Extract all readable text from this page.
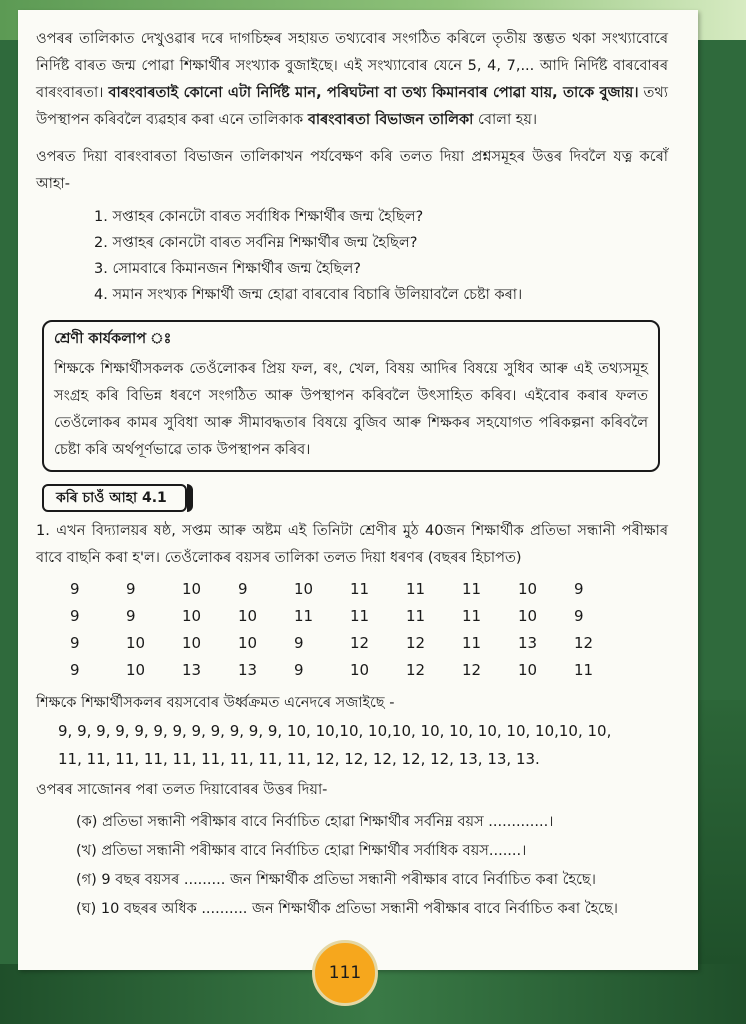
ওপৰৰ তালিকাত দেখুওৱাৰ দৰে দাগচিহ্নৰ সহায়ত তথ্যবোৰ সংগঠিত কৰিলে তৃতীয় স্তম্ভত থকা সংখ্যাবোৰে নিৰ্দিষ্ট বাৰত জন্ম পোৱা শিক্ষাৰ্থীৰ সংখ্যাক বুজাইছে। এই সংখ্যাবোৰ যেনে 5, 4, 7,... আদি নিৰ্দিষ্ট বাৰবোৰৰ বাৰংবাৰতা। বাৰংবাৰতাই কোনো এটা নিৰ্দিষ্ট মান, পৰিঘটনা বা তথ্য কিমানবাৰ পোৱা যায়, তাকে বুজায়। তথ্য উপস্থাপন কৰিবলৈ ব্যৱহাৰ কৰা এনে তালিকাক বাৰংবাৰতা বিভাজন তালিকা বোলা হয়।

ওপৰত দিয়া বাৰংবাৰতা বিভাজন তালিকাখন পৰ্যবেক্ষণ কৰি তলত দিয়া প্ৰশ্নসমূহৰ উত্তৰ দিবলৈ যত্ন কৰোঁ আহা-

1. সপ্তাহৰ কোনটো বাৰত সৰ্বাধিক শিক্ষাৰ্থীৰ জন্ম হৈছিল?
2. সপ্তাহৰ কোনটো বাৰত সৰ্বনিম্ন শিক্ষাৰ্থীৰ জন্ম হৈছিল?
3. সোমবাৰে কিমানজন শিক্ষাৰ্থীৰ জন্ম হৈছিল?
4. সমান সংখ্যক শিক্ষাৰ্থী জন্ম হোৱা বাৰবোৰ বিচাৰি উলিয়াবলৈ চেষ্টা কৰা।
শ্ৰেণী কাৰ্যকলাপ ঃ
শিক্ষকে শিক্ষাৰ্থীসকলক তেওঁলোকৰ প্ৰিয় ফল, ৰং, খেল, বিষয় আদিৰ বিষয়ে সুধিব আৰু এই তথ্যসমূহ সংগ্ৰহ কৰি বিভিন্ন ধৰণে সংগঠিত আৰু উপস্থাপন কৰিবলৈ উৎসাহিত কৰিব। এইবোৰ কৰাৰ ফলত তেওঁলোকৰ কামৰ সুবিধা আৰু সীমাবদ্ধতাৰ বিষয়ে বুজিব আৰু শিক্ষকৰ সহযোগত পৰিকল্পনা কৰিবলৈ চেষ্টা কৰি অৰ্থপূৰ্ণভাৱে তাক উপস্থাপন কৰিব।
কৰি চাওঁ আহা 4.1

1. এখন বিদ্যালয়ৰ ষষ্ঠ, সপ্তম আৰু অষ্টম এই তিনিটা শ্ৰেণীৰ মুঠ 40জন শিক্ষাৰ্থীক প্ৰতিভা সন্ধানী পৰীক্ষাৰ বাবে বাছনি কৰা হ'ল। তেওঁলোকৰ বয়সৰ তালিকা তলত দিয়া ধৰণৰ (বছৰৰ হিচাপত)

9	9	10	9	10	11	11	11	10	9
9	9	10	10	11	11	11	11	10	9
9	10	10	10	9	12	12	11	13	12
9	10	13	13	9	10	12	12	10	11

শিক্ষকে শিক্ষাৰ্থীসকলৰ বয়সবোৰ উৰ্ধ্বক্ৰমত এনেদৰে সজাইছে -

9, 9, 9, 9, 9, 9, 9, 9, 9, 9, 9, 9, 10, 10,10, 10,10, 10, 10, 10, 10, 10,10, 10,
11, 11, 11, 11, 11, 11, 11, 11, 11, 12, 12, 12, 12, 12, 13, 13, 13.

ওপৰৰ সাজোনৰ পৰা তলত দিয়াবোৰৰ উত্তৰ দিয়া-

(ক) প্ৰতিভা সন্ধানী পৰীক্ষাৰ বাবে নিৰ্বাচিত হোৱা শিক্ষাৰ্থীৰ সৰ্বনিম্ন বয়স .............।
(খ) প্ৰতিভা সন্ধানী পৰীক্ষাৰ বাবে নিৰ্বাচিত হোৱা শিক্ষাৰ্থীৰ সৰ্বাধিক বয়স.......।
(গ) 9 বছৰ বয়সৰ ......... জন শিক্ষাৰ্থীক প্ৰতিভা সন্ধানী পৰীক্ষাৰ বাবে নিৰ্বাচিত কৰা হৈছে।
(ঘ) 10 বছৰৰ অধিক .......... জন শিক্ষাৰ্থীক প্ৰতিভা সন্ধানী পৰীক্ষাৰ বাবে নিৰ্বাচিত কৰা হৈছে।
111
